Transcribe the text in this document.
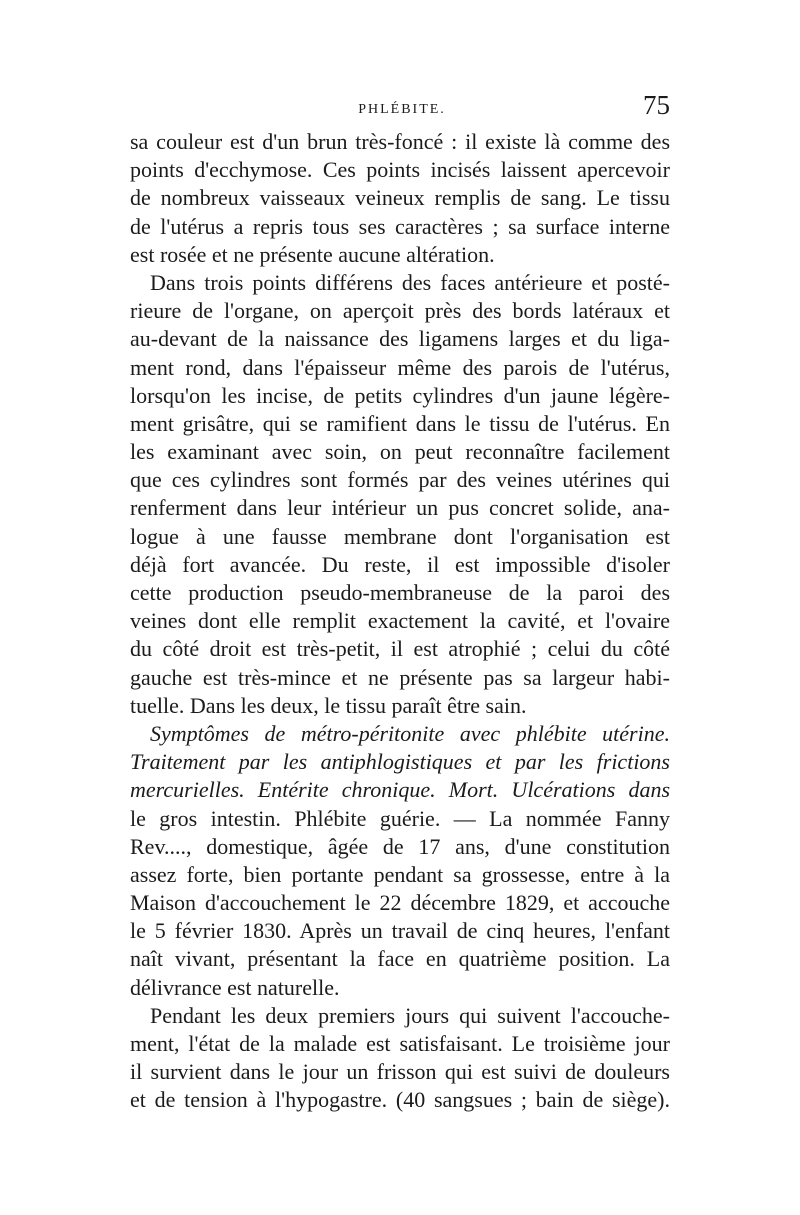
PHLÉBITE.	75
sa couleur est d'un brun très-foncé : il existe là comme des
points d'ecchymose. Ces points incisés laissent apercevoir
de nombreux vaisseaux veineux remplis de sang. Le tissu
de l'utérus a repris tous ses caractères ; sa surface interne
est rosée et ne présente aucune altération.
Dans trois points différens des faces antérieure et posté-
rieure de l'organe, on aperçoit près des bords latéraux et
au-devant de la naissance des ligamens larges et du liga-
ment rond, dans l'épaisseur même des parois de l'utérus,
lorsqu'on les incise, de petits cylindres d'un jaune légère-
ment grisâtre, qui se ramifient dans le tissu de l'utérus. En
les examinant avec soin, on peut reconnaître facilement
que ces cylindres sont formés par des veines utérines qui
renferment dans leur intérieur un pus concret solide, ana-
logue à une fausse membrane dont l'organisation est
déjà fort avancée. Du reste, il est impossible d'isoler
cette production pseudo-membraneuse de la paroi des
veines dont elle remplit exactement la cavité, et l'ovaire
du côté droit est très-petit, il est atrophié ; celui du côté
gauche est très-mince et ne présente pas sa largeur habi-
tuelle. Dans les deux, le tissu paraît être sain.
Symptômes de métro-péritonite avec phlébite utérine.
Traitement par les antiphlogistiques et par les frictions
mercurielles. Entérite chronique. Mort. Ulcérations dans
le gros intestin. Phlébite guérie. — La nommée Fanny
Rev...., domestique, âgée de 17 ans, d'une constitution
assez forte, bien portante pendant sa grossesse, entre à la
Maison d'accouchement le 22 décembre 1829, et accouche
le 5 février 1830. Après un travail de cinq heures, l'enfant
naît vivant, présentant la face en quatrième position. La
délivrance est naturelle.
Pendant les deux premiers jours qui suivent l'accouche-
ment, l'état de la malade est satisfaisant. Le troisième jour
il survient dans le jour un frisson qui est suivi de douleurs
et de tension à l'hypogastre. (40 sangsues ; bain de siège).
